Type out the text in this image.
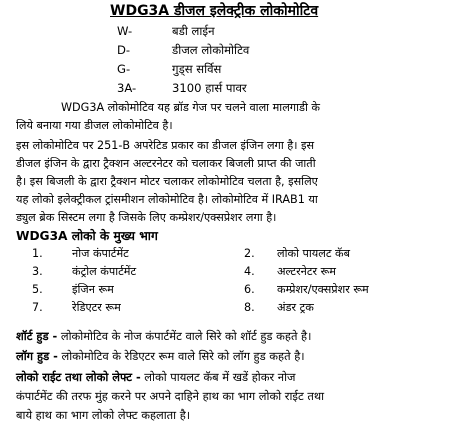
WDG3A डीजल इलेक्ट्रीक लोकोमोटिव
W-	बडी लाईन
D-	डीजल लोकोमोटिव
G-	गुड्स सर्विस
3A-	3100 हार्स पावर
WDG3A लोकोमोटिव यह ब्रॉड गेज पर चलने वाला मालगाडी के
लिये बनाया गया डीजल लोकोमोटिव है।
इस लोकोमोटिव पर 251-B अपरेटिड प्रकार का डीजल इंजिन लगा है। इस
डीजल इंजिन के द्वारा ट्रैक्शन अल्टरनेटर को चलाकर बिजली प्राप्त की जाती
है। इस बिजली के द्वारा ट्रैक्शन मोटर चलाकर लोकोमोटिव चलता है, इसलिए
यह लोको इलेक्ट्रीकल ट्रांसमीशन लोकोमोटिव है। लोकोमोटिव में IRAB1 या
ड्युल ब्रेक सिस्टम लगा है जिसके लिए कम्प्रेशर/एक्सप्रेशर लगा है।
WDG3A लोको के मुख्य भाग
1.	नोज कंपार्टमेंट	2. लोको पायलट कॅब
3.	कंट्रोल कंपार्टमेंट	4. अल्टरनेटर रूम
5.	इंजिन रूम	6. कम्प्रेशर/एक्सप्रेशर रूम
7.	रेडिएटर रूम	8. अंडर ट्रक
शॉर्ट हुड - लोकोमोटिव के नोज कंपार्टमेंट वाले सिरे को शॉर्ट हुड कहते है।
लॉग हुड - लोकोमोटिव के रेडिएटर रूम वाले सिरे को लॉग हुड कहते है।
लोको राईट तथा लोको लेफ्ट - लोको पायलट कॅब में खडें होकर नोज
कंपार्टमेंट की तरफ मुंह करने पर अपने दाहिने हाथ का भाग लोको राईट तथा
बाये हाथ का भाग लोको लेफ्ट कहलाता है।
